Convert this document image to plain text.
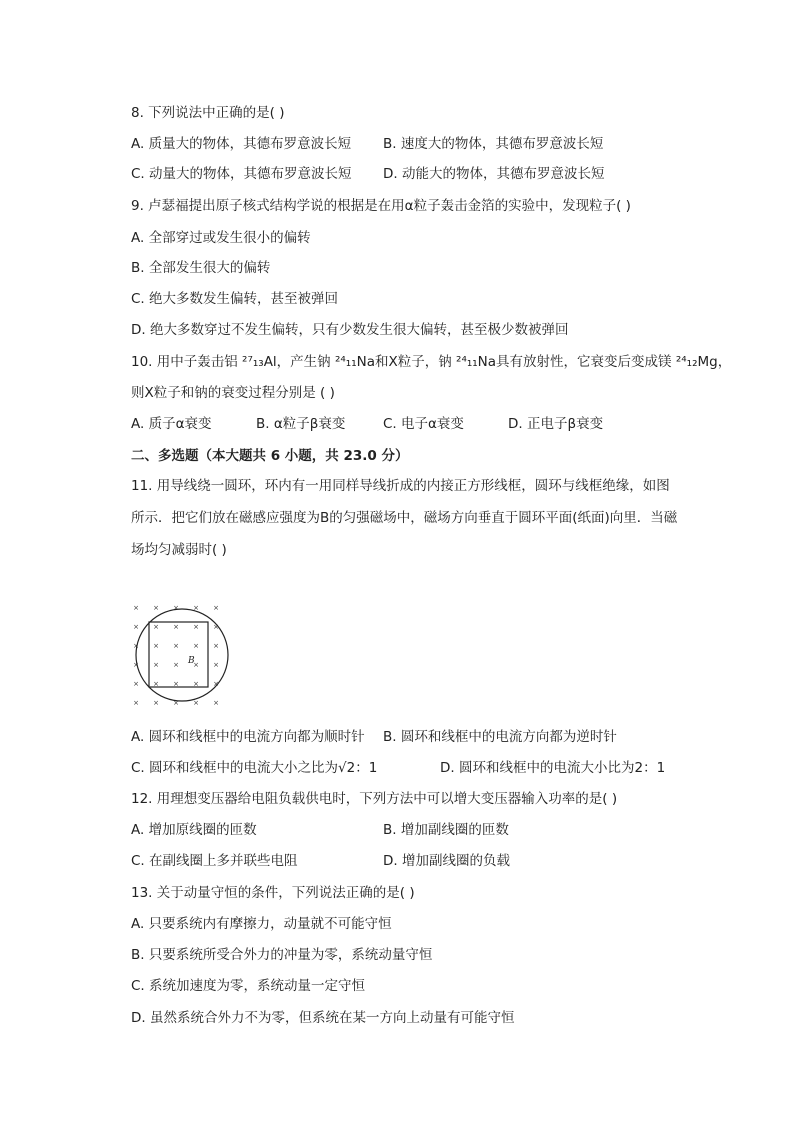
8. 下列说法中正确的是( )
A. 质量大的物体，其德布罗意波长短 B. 速度大的物体，其德布罗意波长短
C. 动量大的物体，其德布罗意波长短 D. 动能大的物体，其德布罗意波长短
9. 卢瑟福提出原子核式结构学说的根据是在用α粒子轰击金箔的实验中，发现粒子( )
A. 全部穿过或发生很小的偏转
B. 全部发生很大的偏转
C. 绝大多数发生偏转，甚至被弹回
D. 绝大多数穿过不发生偏转，只有少数发生很大偏转，甚至极少数被弹回
10. 用中子轰击铝 ²⁷₁₃Al，产生钠 ²⁴₁₁Na和X粒子，钠 ²⁴₁₁Na具有放射性，它衰变后变成镁 ²⁴₁₂Mg，
则X粒子和钠的衰变过程分别是 ( )
A. 质子α衰变	B. α粒子β衰变	C. 电子α衰变	D. 正电子β衰变
二、多选题（本大题共 6 小题，共 23.0 分）
11. 用导线绕一圆环，环内有一用同样导线折成的内接正方形线框，圆环与线框绝缘，如图
所示．把它们放在磁感应强度为B的匀强磁场中，磁场方向垂直于圆环平面(纸面)向里．当磁
场均匀减弱时( )
× × × × ×
× × × × ×
× × × × ×
× × × × ×
× × × × ×
× × × × ×
B
A. 圆环和线框中的电流方向都为顺时针 B. 圆环和线框中的电流方向都为逆时针
C. 圆环和线框中的电流大小之比为√2：1	D. 圆环和线框中的电流大小比为2：1
12. 用理想变压器给电阻负载供电时，下列方法中可以增大变压器输入功率的是( )
A. 增加原线圈的匝数	B. 增加副线圈的匝数
C. 在副线圈上多并联些电阻	D. 增加副线圈的负载
13. 关于动量守恒的条件，下列说法正确的是( )
A. 只要系统内有摩擦力，动量就不可能守恒
B. 只要系统所受合外力的冲量为零，系统动量守恒
C. 系统加速度为零，系统动量一定守恒
D. 虽然系统合外力不为零，但系统在某一方向上动量有可能守恒
